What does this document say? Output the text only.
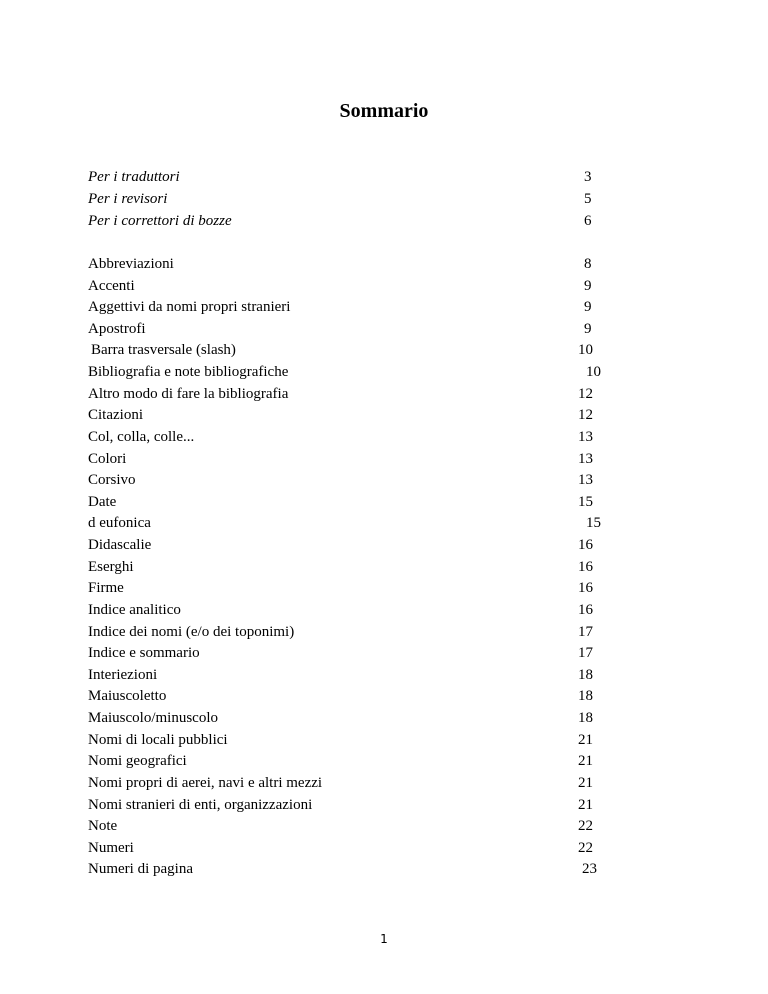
Sommario
Per i traduttori	3
Per i revisori	5
Per i correttori di bozze	6
Abbreviazioni	8
Accenti	9
Aggettivi da nomi propri stranieri	9
Apostrofi	9
Barra trasversale (slash)	10
Bibliografia e note bibliografiche	10
Altro modo di fare la bibliografia	12
Citazioni	12
Col, colla, colle...	13
Colori	13
Corsivo	13
Date	15
d eufonica	15
Didascalie	16
Eserghi	16
Firme	16
Indice analitico	16
Indice dei nomi (e/o dei toponimi)	17
Indice e sommario	17
Interiezioni	18
Maiuscoletto	18
Maiuscolo/minuscolo	18
Nomi di locali pubblici	21
Nomi geografici	21
Nomi propri di aerei, navi e altri mezzi	21
Nomi stranieri di enti, organizzazioni	21
Note	22
Numeri	22
Numeri di pagina	23
1
